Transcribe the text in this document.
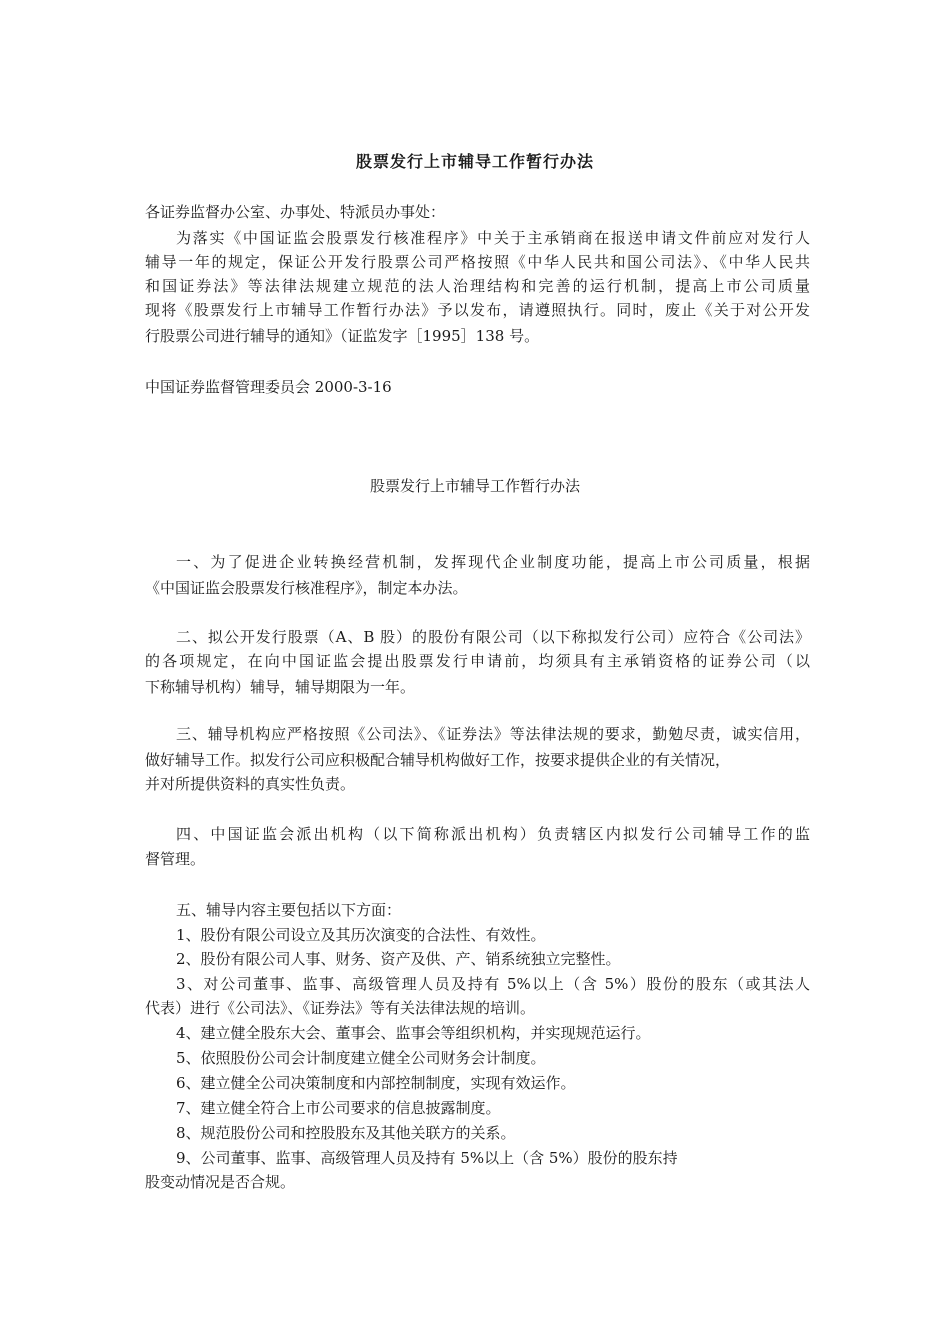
股票发行上市辅导工作暂行办法
各证券监督办公室、办事处、特派员办事处：
为落实《中国证监会股票发行核准程序》中关于主承销商在报送申请文件前应对发行人
辅导一年的规定，保证公开发行股票公司严格按照《中华人民共和国公司法》、《中华人民共
和国证券法》等法律法规建立规范的法人治理结构和完善的运行机制，提高上市公司质量
现将《股票发行上市辅导工作暂行办法》予以发布，请遵照执行。同时，废止《关于对公开发
行股票公司进行辅导的通知》（证监发字［1995］138 号。
中国证券监督管理委员会 2000-3-16
股票发行上市辅导工作暂行办法
一、为了促进企业转换经营机制，发挥现代企业制度功能，提高上市公司质量，根据
《中国证监会股票发行核准程序》，制定本办法。
二、拟公开发行股票（A、B 股）的股份有限公司（以下称拟发行公司）应符合《公司法》
的各项规定，在向中国证监会提出股票发行申请前，均须具有主承销资格的证券公司（以
下称辅导机构）辅导，辅导期限为一年。
三、辅导机构应严格按照《公司法》、《证券法》等法律法规的要求，勤勉尽责，诚实信用，
做好辅导工作。拟发行公司应积极配合辅导机构做好工作，按要求提供企业的有关情况，
并对所提供资料的真实性负责。
四、中国证监会派出机构（以下简称派出机构）负责辖区内拟发行公司辅导工作的监
督管理。
五、辅导内容主要包括以下方面：
1、股份有限公司设立及其历次演变的合法性、有效性。
2、股份有限公司人事、财务、资产及供、产、销系统独立完整性。
3、对公司董事、监事、高级管理人员及持有 5%以上（含 5%）股份的股东（或其法人
代表）进行《公司法》、《证券法》等有关法律法规的培训。
4、建立健全股东大会、董事会、监事会等组织机构，并实现规范运行。
5、依照股份公司会计制度建立健全公司财务会计制度。
6、建立健全公司决策制度和内部控制制度，实现有效运作。
7、建立健全符合上市公司要求的信息披露制度。
8、规范股份公司和控股股东及其他关联方的关系。
9、公司董事、监事、高级管理人员及持有 5%以上（含 5%）股份的股东持
股变动情况是否合规。
